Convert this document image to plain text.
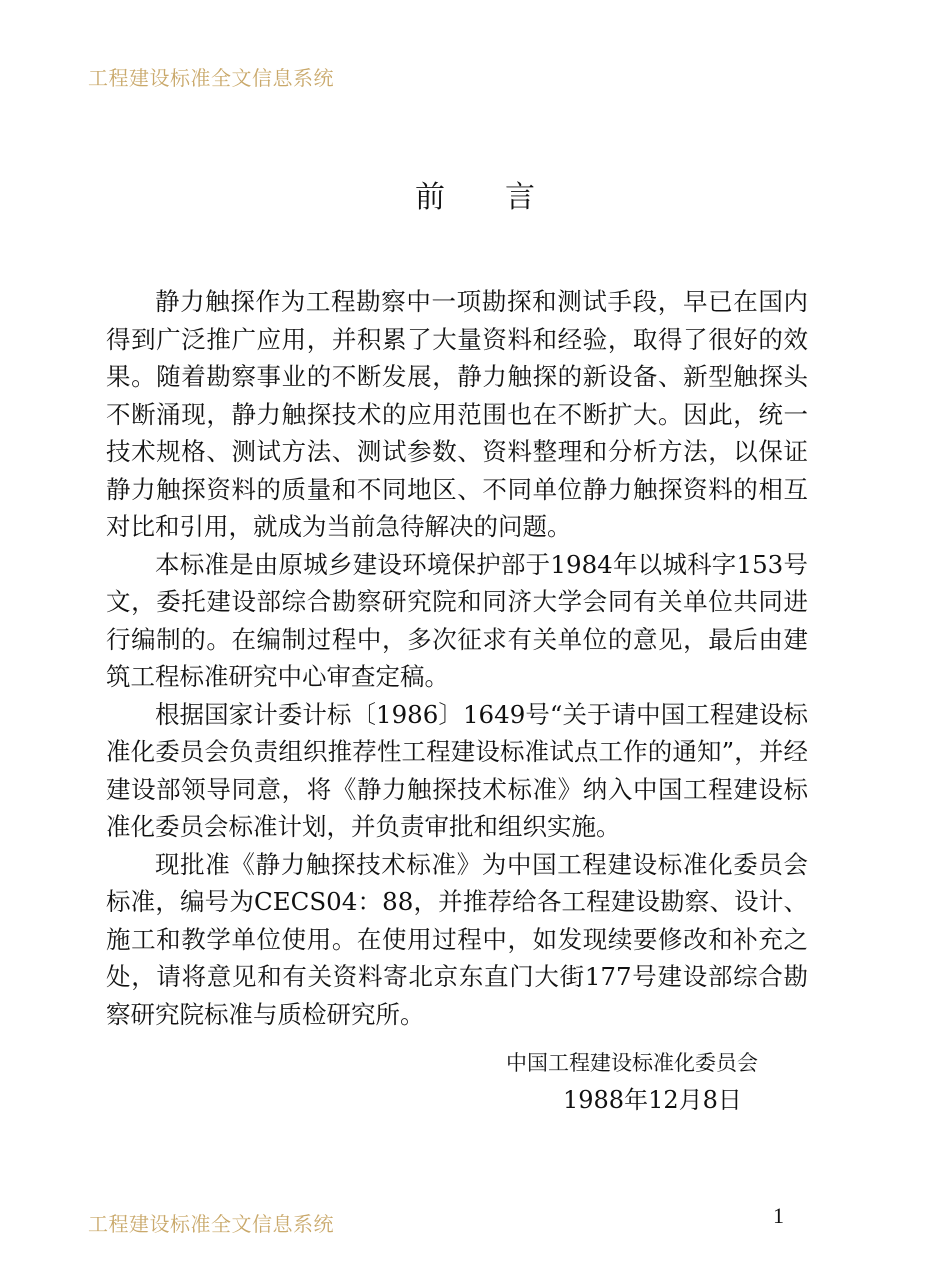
工程建设标准全文信息系统
前言

静力触探作为工程勘察中一项勘探和测试手段，早已在国内得到广泛推广应用，并积累了大量资料和经验，取得了很好的效果。随着勘察事业的不断发展，静力触探的新设备、新型触探头不断涌现，静力触探技术的应用范围也在不断扩大。因此，统一技术规格、测试方法、测试参数、资料整理和分析方法，以保证静力触探资料的质量和不同地区、不同单位静力触探资料的相互对比和引用，就成为当前急待解决的问题。

本标准是由原城乡建设环境保护部于1984年以城科字153号文，委托建设部综合勘察研究院和同济大学会同有关单位共同进行编制的。在编制过程中，多次征求有关单位的意见，最后由建筑工程标准研究中心审查定稿。

根据国家计委计标〔1986〕1649号“关于请中国工程建设标准化委员会负责组织推荐性工程建设标准试点工作的通知”，并经建设部领导同意，将《静力触探技术标准》纳入中国工程建设标准化委员会标准计划，并负责审批和组织实施。

现批准《静力触探技术标准》为中国工程建设标准化委员会标准，编号为CECS04：88，并推荐给各工程建设勘察、设计、施工和教学单位使用。在使用过程中，如发现续要修改和补充之处，请将意见和有关资料寄北京东直门大街177号建设部综合勘察研究院标准与质检研究所。

中国工程建设标准化委员会
1988年12月8日
工程建设标准全文信息系统	1
